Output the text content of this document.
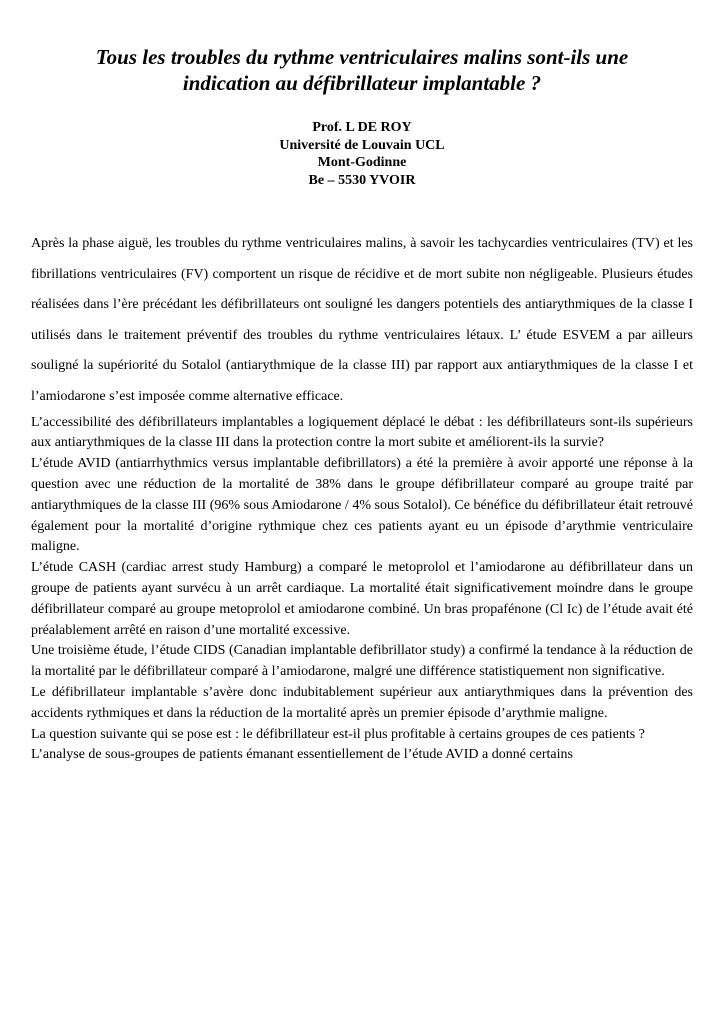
Tous les troubles du rythme ventriculaires malins sont-ils une indication au défibrillateur implantable ?
Prof. L DE ROY
Université de Louvain UCL
Mont-Godinne
Be – 5530 YVOIR

Après la phase aiguë, les troubles du rythme ventriculaires malins, à savoir les tachycardies ventriculaires (TV) et les fibrillations ventriculaires (FV) comportent un risque de récidive et de mort subite non négligeable. Plusieurs études réalisées dans l’ère précédant les défibrillateurs ont souligné les dangers potentiels des antiarythmiques de la classe I utilisés dans le traitement préventif des troubles du rythme ventriculaires létaux. L’ étude ESVEM a par ailleurs souligné la supériorité du Sotalol (antiarythmique de la classe III) par rapport aux antiarythmiques de la classe I et l’amiodarone s’est imposée comme alternative efficace.

L’accessibilité des défibrillateurs implantables a logiquement déplacé le débat : les défibrillateurs sont-ils supérieurs aux antiarythmiques de la classe III dans la protection contre la mort subite et améliorent-ils la survie?

L’étude AVID (antiarrhythmics versus implantable defibrillators) a été la première à avoir apporté une réponse à la question avec une réduction de la mortalité de 38% dans le groupe défibrillateur comparé au groupe traité par antiarythmiques de la classe III (96% sous Amiodarone / 4% sous Sotalol). Ce bénéfice du défibrillateur était retrouvé également pour la mortalité d’origine rythmique chez ces patients ayant eu un épisode d’arythmie ventriculaire maligne.

L’étude CASH (cardiac arrest study Hamburg) a comparé le metoprolol et l’amiodarone au défibrillateur dans un groupe de patients ayant survécu à un arrêt cardiaque. La mortalité était significativement moindre dans le groupe défibrillateur comparé au groupe metoprolol et amiodarone combiné. Un bras propafénone (Cl Ic) de l’étude avait été préalablement arrêté en raison d’une mortalité excessive.

Une troisième étude, l’étude CIDS (Canadian implantable defibrillator study) a confirmé la tendance à la réduction de la mortalité par le défibrillateur comparé à l’amiodarone, malgré une différence statistiquement non significative.

Le défibrillateur implantable s’avère donc indubitablement supérieur aux antiarythmiques dans la prévention des accidents rythmiques et dans la réduction de la mortalité après un premier épisode d’arythmie maligne.

La question suivante qui se pose est : le défibrillateur est-il plus profitable à certains groupes de ces patients ?

L’analyse de sous-groupes de patients émanant essentiellement de l’étude AVID a donné certains
